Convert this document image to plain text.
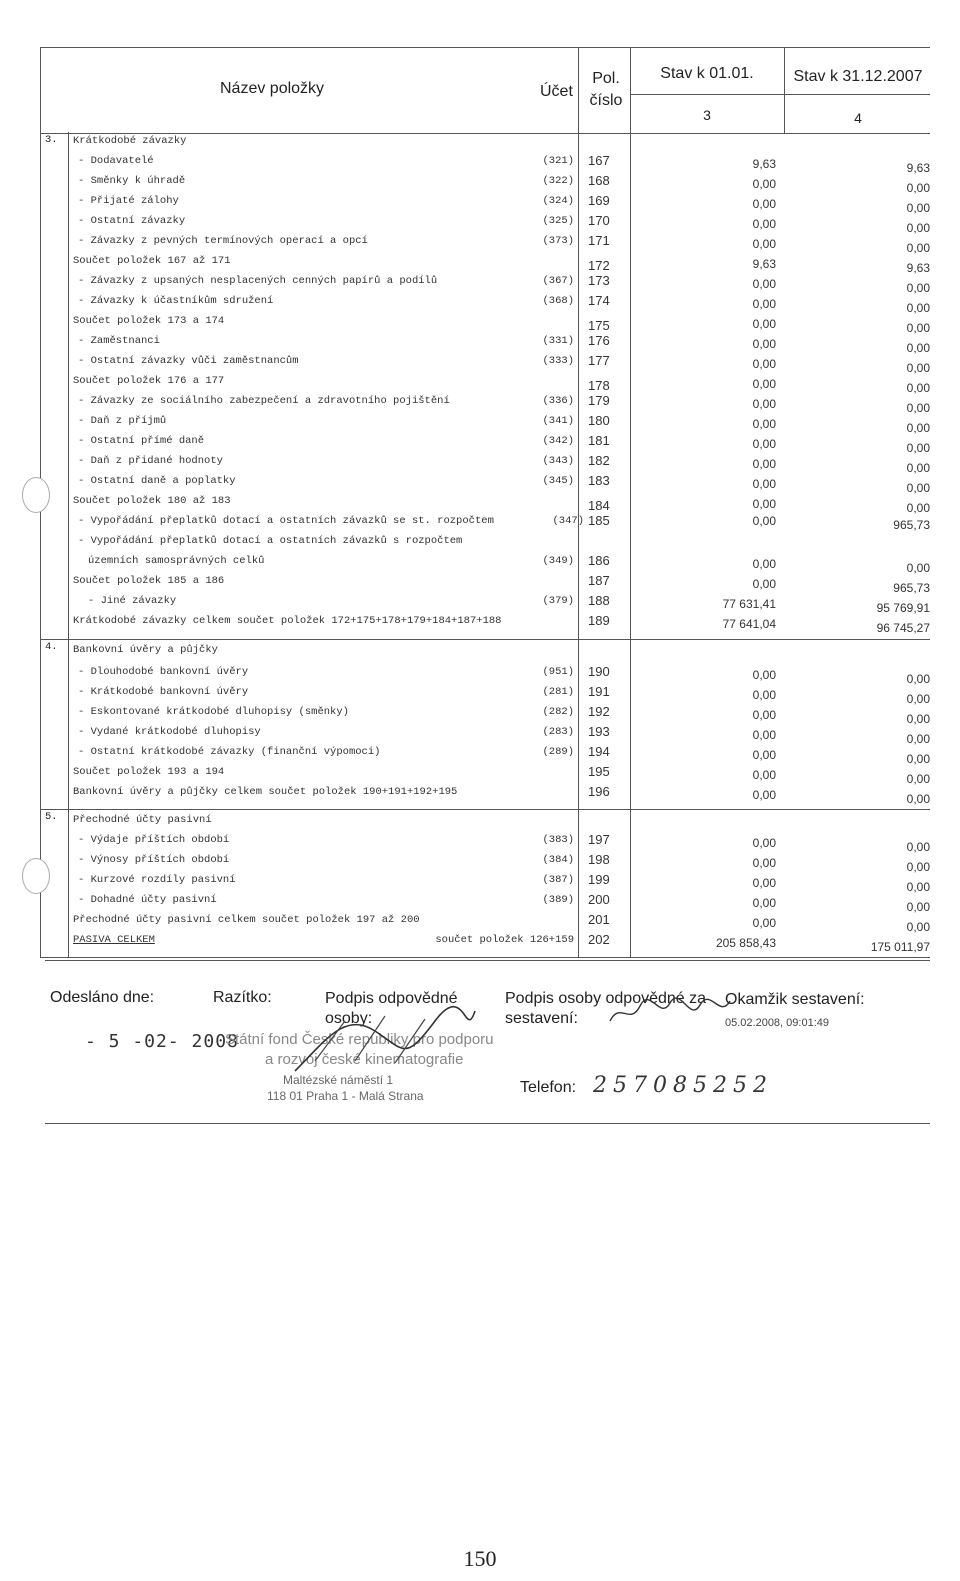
Název položky	Účet
Pol.
číslo
Stav k 01.01.	Stav k 31.12.2007
3	4
3. Krátkodobé závazky
- Dodavatelé	(321) 167	9,63	9,63
- Směnky k úhradě	(322) 168	0,00	0,00
- Přijaté zálohy	(324) 169	0,00	0,00
- Ostatní závazky	(325) 170	0,00	0,00
- Závazky z pevných termínových operací a opcí	(373) 171	0,00	0,00
Součet položek 167 až 171	172	9,63	9,63
- Závazky z upsaných nesplacených cenných papírů a podílů	(367) 173	0,00	0,00
- Závazky k účastníkům sdružení	(368) 174	0,00	0,00
Součet položek 173 a 174	175	0,00	0,00
- Zaměstnanci	(331) 176	0,00	0,00
- Ostatní závazky vůči zaměstnancům	(333) 177	0,00	0,00
Součet položek 176 a 177	178	0,00	0,00
- Závazky ze sociálního zabezpečení a zdravotního pojištění	(336) 179	0,00	0,00
- Daň z příjmů	(341) 180	0,00	0,00
- Ostatní přímé daně	(342) 181	0,00	0,00
- Daň z přidané hodnoty	(343) 182	0,00	0,00
- Ostatní daně a poplatky	(345) 183	0,00	0,00
Součet položek 180 až 183	184	0,00	0,00
- Vypořádání přeplatků dotací a ostatních závazků se st. rozpočtem	(347) 185	0,00	965,73
- Vypořádání přeplatků dotací a ostatních závazků s rozpočtem
územních samosprávných celků	(349) 186	0,00	0,00
Součet položek 185 a 186	187	0,00	965,73
- Jiné závazky	(379) 188	77 631,41	95 769,91
Krátkodobé závazky celkem součet položek 172+175+178+179+184+187+188	189	77 641,04	96 745,27
4. Bankovní úvěry a půjčky
- Dlouhodobé bankovní úvěry	(951) 190	0,00	0,00
- Krátkodobé bankovní úvěry	(281) 191	0,00	0,00
- Eskontované krátkodobé dluhopisy (směnky)	(282) 192	0,00	0,00
- Vydané krátkodobé dluhopisy	(283) 193	0,00	0,00
- Ostatní krátkodobé závazky (finanční výpomoci)	(289) 194	0,00	0,00
Součet položek 193 a 194	195	0,00	0,00
Bankovní úvěry a půjčky celkem součet položek 190+191+192+195	196	0,00	0,00
5. Přechodné účty pasivní
- Výdaje příštích období	(383) 197	0,00	0,00
- Výnosy příštích období	(384) 198	0,00	0,00
- Kurzové rozdíly pasivní	(387) 199	0,00	0,00
- Dohadné účty pasivní	(389) 200	0,00	0,00
Přechodné účty pasivní celkem součet položek 197 až 200	201	0,00	0,00
PASIVA CELKEM	součet položek 126+159 202	205 858,43	175 011,97
Odesláno dne:	Razítko:	Podpis odpovědné osoby:
Podpis osoby odpovědné za sestavení:
Okamžik sestavení:
05.02.2008, 09:01:49
- 5 -02- 2008
Státní fond České republiky pro podporu
a rozvoj české kinematografie
Maltézské náměstí 1
118 01 Praha 1 - Malá Strana	Telefon: 257085252
150
